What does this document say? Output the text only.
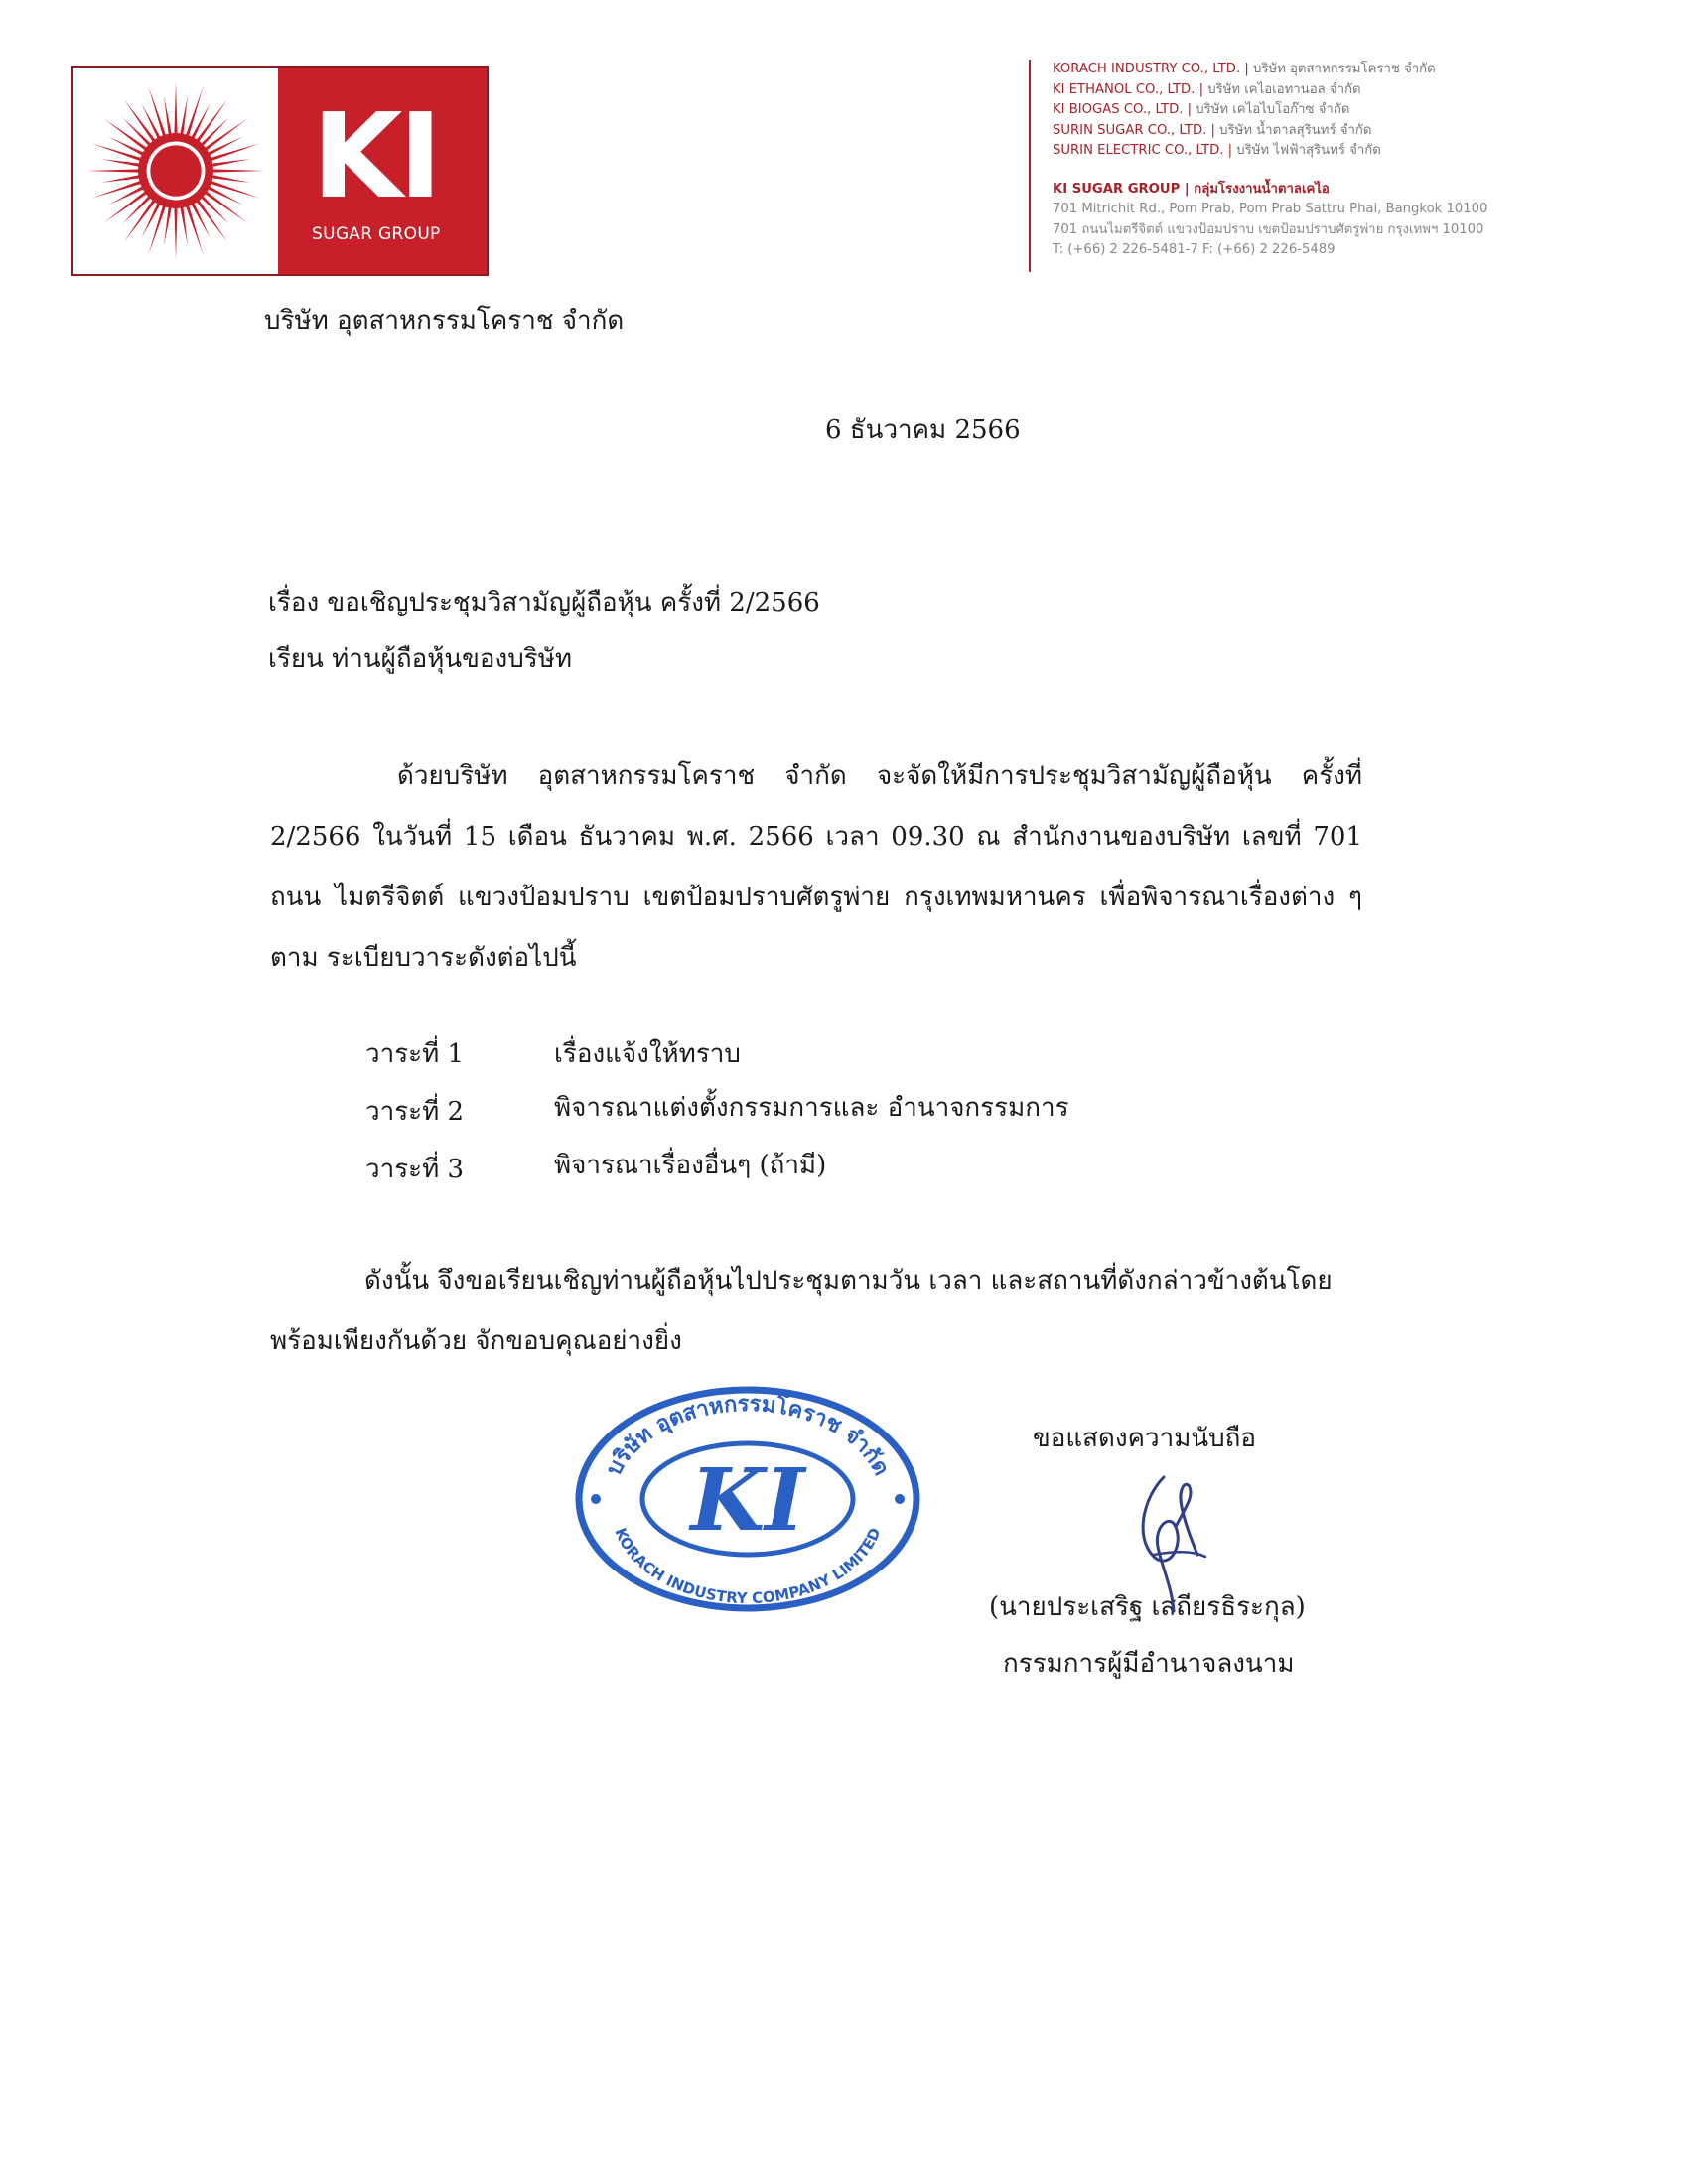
KI
SUGAR GROUP
KORACH INDUSTRY CO., LTD. | บริษัท อุตสาหกรรมโคราช จำกัด
KI ETHANOL CO., LTD. | บริษัท เคไอเอทานอล จำกัด
KI BIOGAS CO., LTD. | บริษัท เคไอไบโอก๊าซ จำกัด
SURIN SUGAR CO., LTD. | บริษัท น้ำตาลสุรินทร์ จำกัด
SURIN ELECTRIC CO., LTD. | บริษัท ไฟฟ้าสุรินทร์ จำกัด
KI SUGAR GROUP | กลุ่มโรงงานน้ำตาลเคไอ
701 Mitrichit Rd., Pom Prab, Pom Prab Sattru Phai, Bangkok 10100
701 ถนนไมตรีจิตต์ แขวงป้อมปราบ เขตป้อมปราบศัตรูพ่าย กรุงเทพฯ 10100
T: (+66) 2 226-5481-7 F: (+66) 2 226-5489
บริษัท อุตสาหกรรมโคราช จำกัด
6 ธันวาคม 2566
เรื่อง ขอเชิญประชุมวิสามัญผู้ถือหุ้น ครั้งที่ 2/2566
เรียน ท่านผู้ถือหุ้นของบริษัท
ด้วยบริษัท อุตสาหกรรมโคราช จำกัด จะจัดให้มีการประชุมวิสามัญผู้ถือหุ้น ครั้งที่ 2/2566 ในวันที่ 15 เดือน ธันวาคม พ.ศ. 2566 เวลา 09.30 ณ สำนักงานของบริษัท เลขที่ 701 ถนน ไมตรีจิตต์ แขวงป้อมปราบ เขตป้อมปราบศัตรูพ่าย กรุงเทพมหานคร เพื่อพิจารณาเรื่องต่าง ๆ ตาม ระเบียบวาระดังต่อไปนี้
วาระที่ 1	เรื่องแจ้งให้ทราบ
วาระที่ 2	พิจารณาแต่งตั้งกรรมการและ อำนาจกรรมการ
วาระที่ 3	พิจารณาเรื่องอื่นๆ (ถ้ามี)
ดังนั้น จึงขอเรียนเชิญท่านผู้ถือหุ้นไปประชุมตามวัน เวลา และสถานที่ดังกล่าวข้างต้นโดย พร้อมเพียงกันด้วย จักขอบคุณอย่างยิ่ง
ขอแสดงความนับถือ
(นายประเสริฐ เสถียรธิระกุล)
กรรมการผู้มีอำนาจลงนาม
บริษัท อุตสาหกรรมโคราช จำกัด
KORACH INDUSTRY COMPANY LIMITED
KI
